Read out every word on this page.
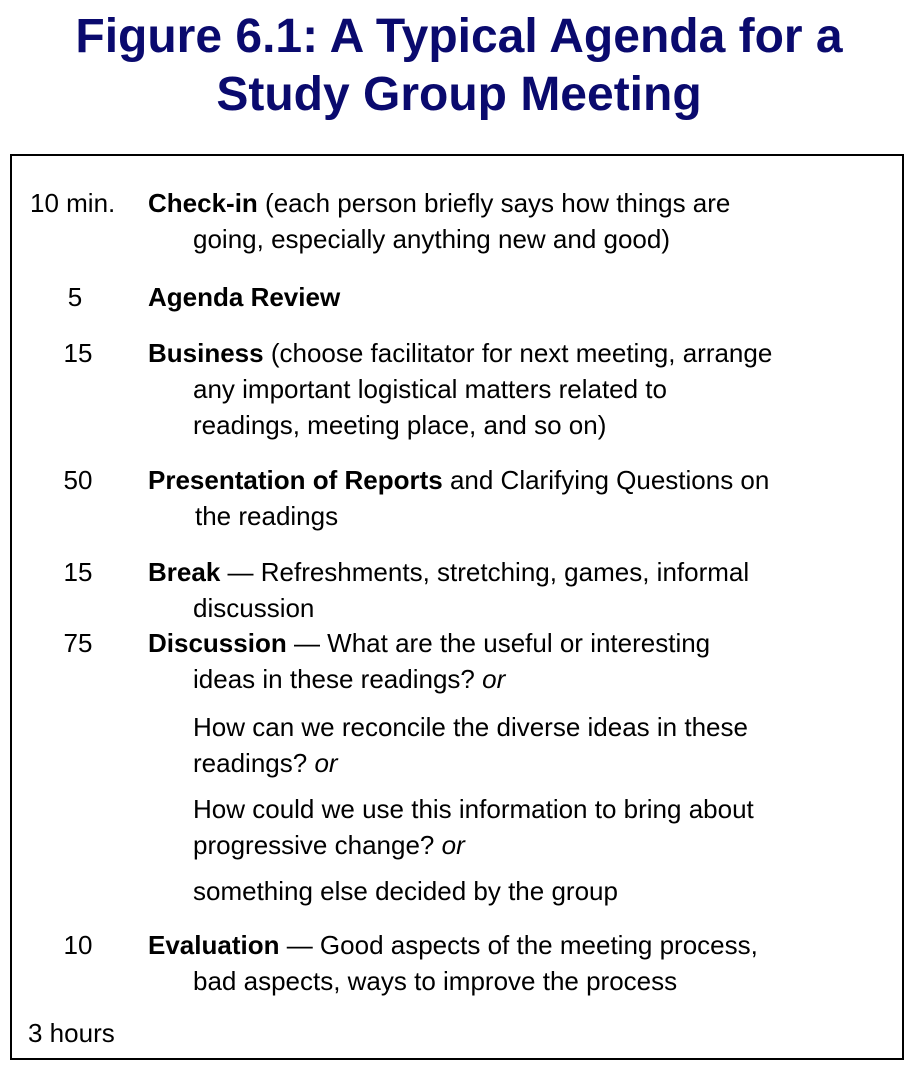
Figure 6.1: A Typical Agenda for a
Study Group Meeting
10 min. Check-in (each person briefly says how things are
going, especially anything new and good)
5	Agenda Review
15	Business (choose facilitator for next meeting, arrange
any important logistical matters related to
readings, meeting place, and so on)
50	Presentation of Reports and Clarifying Questions on
the readings
15	Break — Refreshments, stretching, games, informal
discussion
75	Discussion — What are the useful or interesting
ideas in these readings? or
How can we reconcile the diverse ideas in these
readings? or
How could we use this information to bring about
progressive change? or
something else decided by the group
10	Evaluation — Good aspects of the meeting process,
bad aspects, ways to improve the process
3 hours
